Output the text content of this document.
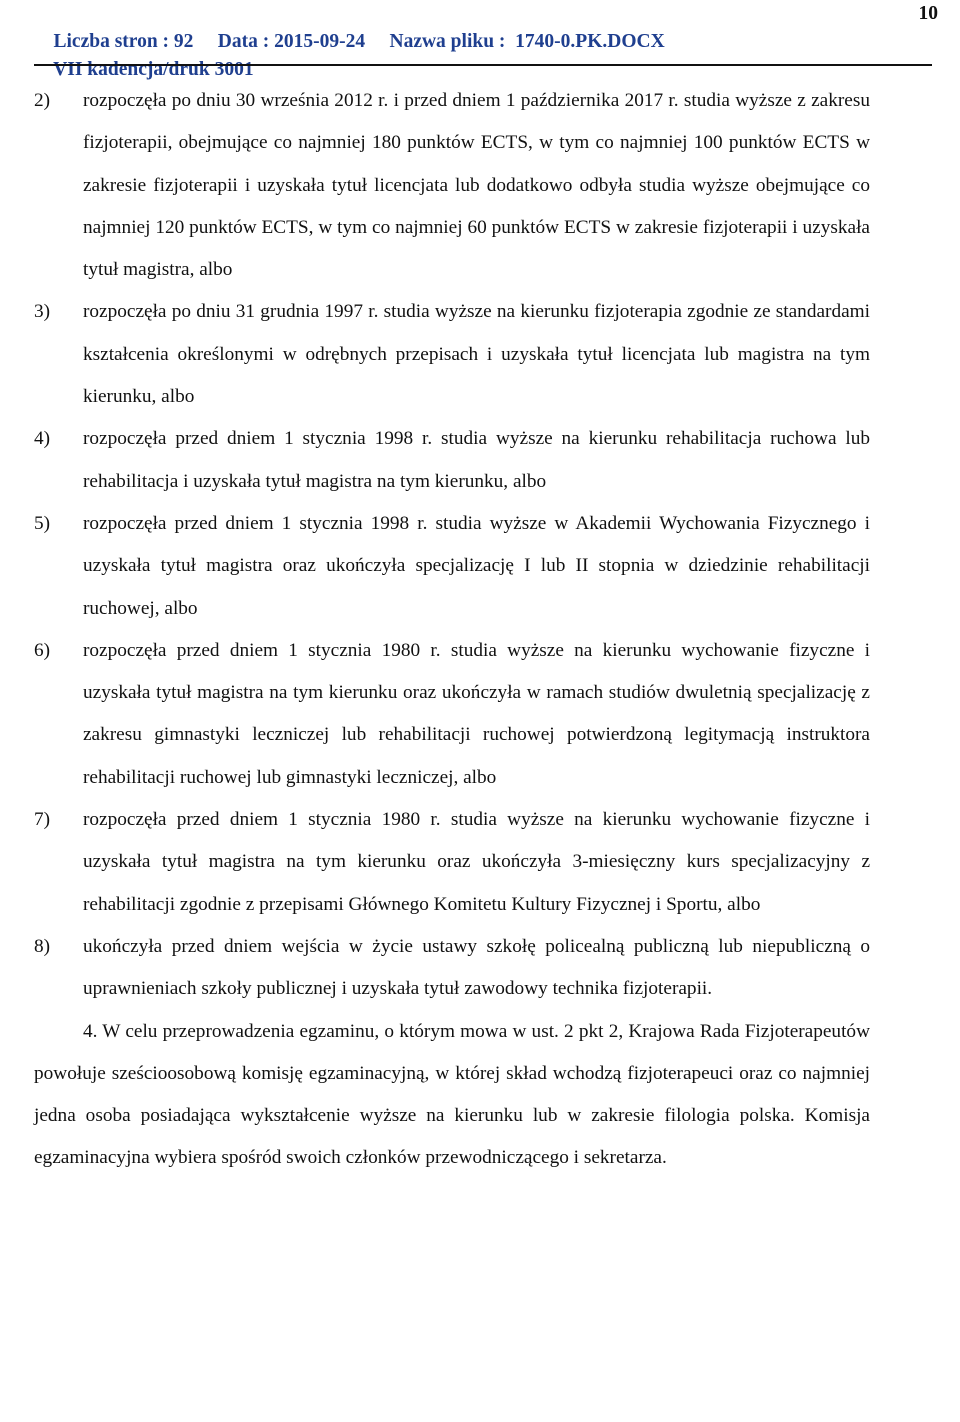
Liczba stron : 92     Data : 2015-09-24     Nazwa pliku :  1740-0.PK.DOCX

10

VII kadencja/druk 3001

2) rozpoczęła po dniu 30 września 2012 r. i przed dniem 1 października 2017 r. studia wyższe z zakresu fizjoterapii, obejmujące co najmniej 180 punktów ECTS, w tym co najmniej 100 punktów ECTS w zakresie fizjoterapii i uzyskała tytuł licencjata lub dodatkowo odbyła studia wyższe obejmujące co najmniej 120 punktów ECTS, w tym co najmniej 60 punktów ECTS w zakresie fizjoterapii i uzyskała tytuł magistra, albo
3) rozpoczęła po dniu 31 grudnia 1997 r. studia wyższe na kierunku fizjoterapia zgodnie ze standardami kształcenia określonymi w odrębnych przepisach i uzyskała tytuł licencjata lub magistra na tym kierunku, albo
4) rozpoczęła przed dniem 1 stycznia 1998 r. studia wyższe na kierunku rehabilitacja ruchowa lub rehabilitacja i uzyskała tytuł magistra na tym kierunku, albo
5) rozpoczęła przed dniem 1 stycznia 1998 r. studia wyższe w Akademii Wychowania Fizycznego i uzyskała tytuł magistra oraz ukończyła specjalizację I lub II stopnia w dziedzinie rehabilitacji ruchowej, albo
6) rozpoczęła przed dniem 1 stycznia 1980 r. studia wyższe na kierunku wychowanie fizyczne i uzyskała tytuł magistra na tym kierunku oraz ukończyła w ramach studiów dwuletnią specjalizację z zakresu gimnastyki leczniczej lub rehabilitacji ruchowej potwierdzoną legitymacją instruktora rehabilitacji ruchowej lub gimnastyki leczniczej, albo
7) rozpoczęła przed dniem 1 stycznia 1980 r. studia wyższe na kierunku wychowanie fizyczne i uzyskała tytuł magistra na tym kierunku oraz ukończyła 3-miesięczny kurs specjalizacyjny z rehabilitacji zgodnie z przepisami Głównego Komitetu Kultury Fizycznej i Sportu, albo
8) ukończyła przed dniem wejścia w życie ustawy szkołę policealną publiczną lub niepubliczną o uprawnieniach szkoły publicznej i uzyskała tytuł zawodowy technika fizjoterapii.
4. W celu przeprowadzenia egzaminu, o którym mowa w ust. 2 pkt 2, Krajowa Rada Fizjoterapeutów powołuje sześcioosobową komisję egzaminacyjną, w której skład wchodzą fizjoterapeuci oraz co najmniej jedna osoba posiadająca wykształcenie wyższe na kierunku lub w zakresie filologia polska. Komisja egzaminacyjna wybiera spośród swoich członków przewodniczącego i sekretarza.
